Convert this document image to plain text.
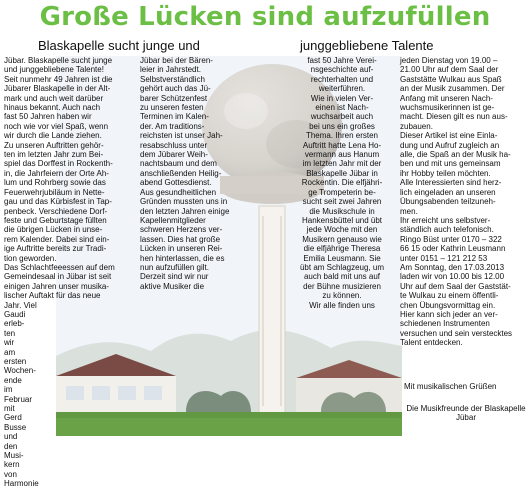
Große Lücken sind aufzufüllen
Blaskapelle sucht junge und	junggebliebene Talente
Jübar. Blaskapelle sucht junge
und junggebliebene Talente!
Seit nunmehr 49 Jahren ist die
Jübarer Blaskapelle in der Alt-
mark und auch weit darüber
hinaus bekannt. Auch nach
fast 50 Jahren haben wir
noch wie vor viel Spaß, wenn
wir durch die Lande ziehen.
Zu unseren Auftritten gehör-
ten im letzten Jahr zum Bei-
spiel das Dorffest in Rockenth-
in, die Jahrfeiern der Orte Ah-
lum und Rohrberg sowie das
Feuerwehrjubiläum in Nette-
gau und das Kürbisfest in Tap-
penbeck. Verschiedene Dorf-
feste und Geburtstage füllten
die übrigen Lücken in unse-
rem Kalender. Dabei sind ein-
ige Auftritte bereits zur Tradi-
tion geworden.
Das Schlachtfeeessen auf dem
Gemeindesaal in Jübar ist seit
einigen Jahren unser musika-
lischer Auftakt für das neue
Jahr. Viel
Gaudi
erleb-
ten
wir
am
ersten
Wochen-
ende
im
Februar
mit
Gerd
Busse
und
den
Musi-
kern
von
Harmonie
Jübar bei der Bären-
leier in Jahrstedt.
Selbstverständlich
gehört auch das Jü-
barer Schützenfest
zu unseren festen
Terminen im Kalen-
der. Am traditions-
reichsten ist unser Jah-
resabschluss unter
dem Jübarer Weih-
nachtsbaum und dem
anschließenden Heilig-
abend Gottesdienst.
Aus gesundheitlichen
Gründen mussten uns in
den letzten Jahren einige
Kapellenmitglieder
schweren Herzens ver-
lassen. Dies hat große
Lücken in unseren Rei-
hen hinterlassen, die es
nun aufzufüllen gilt.
Derzeit sind wir nur
aktive Musiker die
fast 50 Jahre Verei-
nsgeschichte auf-
rechterhalten und
weiterführen.
Wie in vielen Ver-
einen ist Nach-
wuchsarbeit auch
bei uns ein großes
Thema. Ihren ersten
Auftritt hatte Lena Ho-
vermann aus Hanum
im letzten Jahr mit der
Blaskapelle Jübar in
Rockentin. Die elfjähri-
ge Trompeterin be-
sucht seit zwei Jahren
die Musikschule in
Hankensbüttel und übt
jede Woche mit den
Musikern genauso wie
die elfjährige Theresa
Emilia Leusmann. Sie
übt am Schlagzeug, um
auch bald mit uns auf
der Bühne musizieren
zu können.
Wir alle finden uns
jeden Dienstag von 19.00 –
21.00 Uhr auf dem Saal der
Gaststätte Wulkau aus Spaß
an der Musik zusammen. Der
Anfang mit unseren Nach-
wuchsmusikerinnen ist ge-
macht. Diesen gilt es nun aus-
zubauen.
Dieser Artikel ist eine Einla-
dung und Aufruf zugleich an
alle, die Spaß an der Musik ha-
ben und mit uns gemeinsam
ihr Hobby teilen möchten.
Alle Interessierten sind herz-
lich eingeladen an unseren
Übungsabenden teilzuneh-
men.
Ihr erreicht uns selbstver-
ständlich auch telefonisch.
Ringo Büst unter 0170 – 322
66 15 oder Kathrin Leusmann
unter 0151 – 121 212 53
Am Sonntag, den 17.03.2013
laden wir von 10.00 bis 12.00
Uhr auf dem Saal der Gaststät-
te Wulkau zu einem öffentli-
chen Übungsvormittag ein.
Hier kann sich jeder an ver-
schiedenen Instrumenten
versuchen und sein verstecktes
Talent entdecken.
Mit musikalischen Grüßen
Die Musikfreunde der Blaskapelle Jübar
